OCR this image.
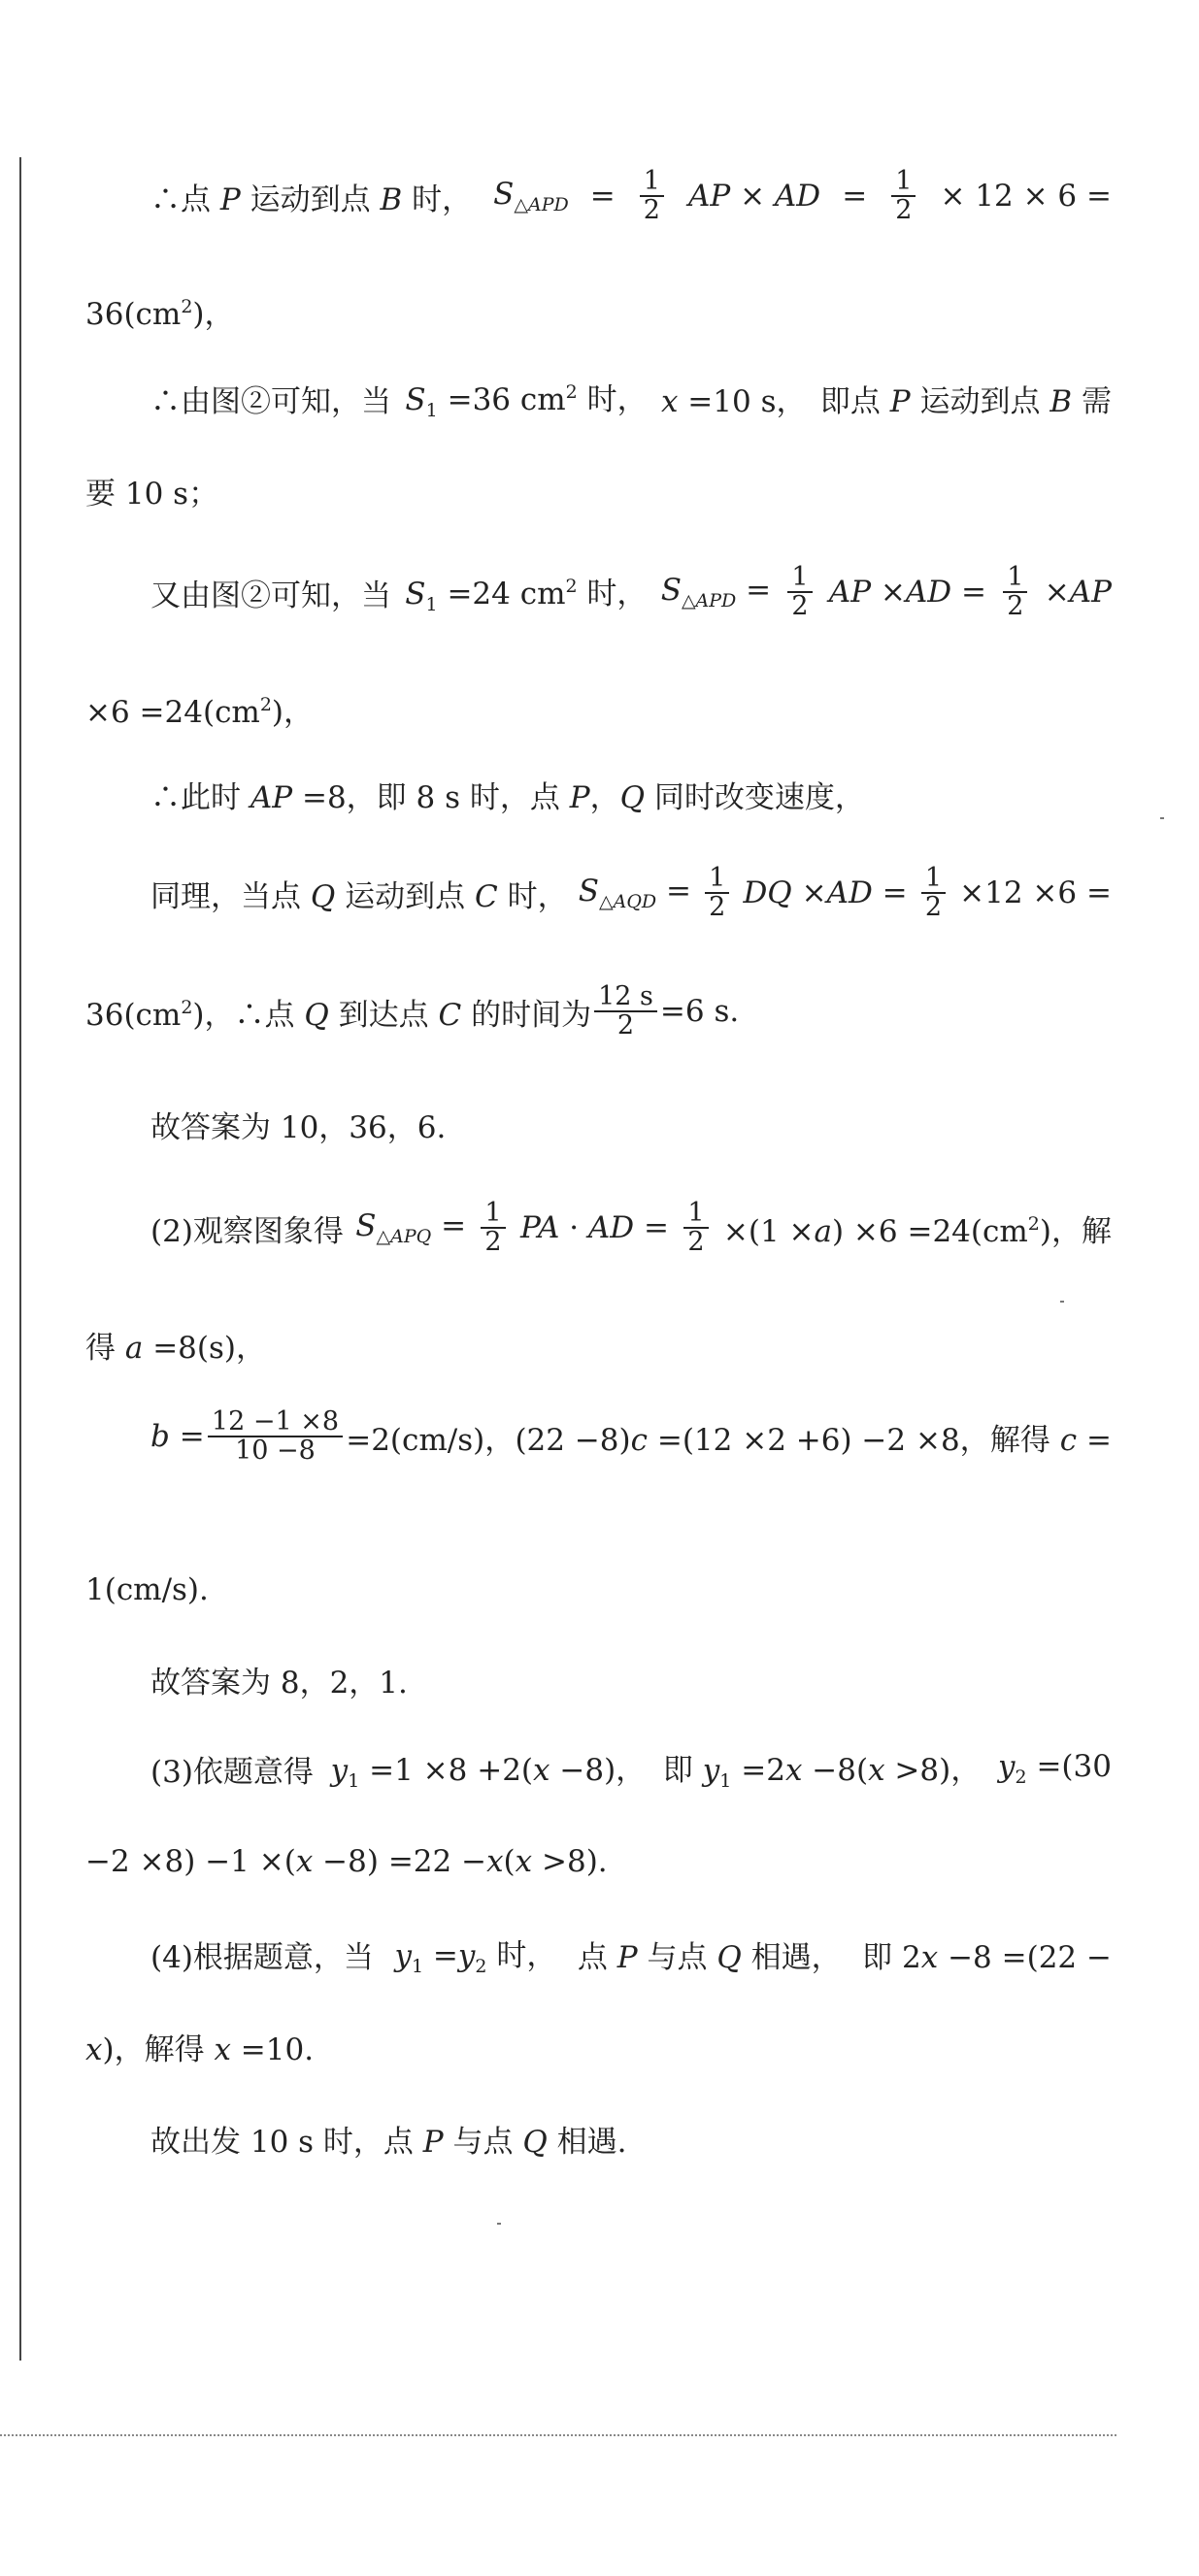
∴点 P 运动到点 B 时， $S_{\triangle APD} = \frac{1}{2}$ AP × AD = $\frac{1}{2} \times 12 \times 6$ =
$36(cm^2)$，
∴由图②可知，当 $S_1 =36$ $cm^2$ 时， x =10 s， 即点 P 运动到点 B 需
要 10 s；
又由图②可知，当 $S_1 =24$ $cm^2$ 时， $S_{\triangle APD} = \frac{1}{2}$ AP $\times AD = \frac{1}{2} \times AP$
$\times 6 =24(cm^2)$，
∴此时 AP =8，即 8 s 时，点 P，Q 同时改变速度，
同理，当点 Q 运动到点 C 时， $S_{\triangle AQD} = \frac{1}{2}$ DQ $\times AD = \frac{1}{2} \times 12 \times 6$ =
$36(cm^2)$，∴点 Q 到达点 C 的时间为 $\frac{12 s}{2} =6$ s.
故答案为 10，36，6.
(2)观察图象得 $S_{\triangle APQ} = \frac{1}{2}$ PA · AD = $\frac{1}{2} \times(1 \times a) \times 6 =24(cm^2)$，解
得 a =8(s)，
$b = \frac{12 -1 \times 8}{10 -8} =2(cm/s)$， (22 −8)c =(12 ×2 +6) −2 ×8， 解得 c =
1(cm/s).
故答案为 8，2，1.
(3)依题意得 $y_1 =1 \times 8 +2(x -8)$， 即 $y_1 =2x -8(x >8)$， $y_2 =(30$
−2 ×8) −1 ×(x −8) =22 −x(x >8).
(4)根据题意，当 $y_1 =y_2$ 时， 点 P 与点 Q 相遇， 即 2x −8 =(22 −
x)，解得 x =10.
故出发 10 s 时，点 P 与点 Q 相遇.
